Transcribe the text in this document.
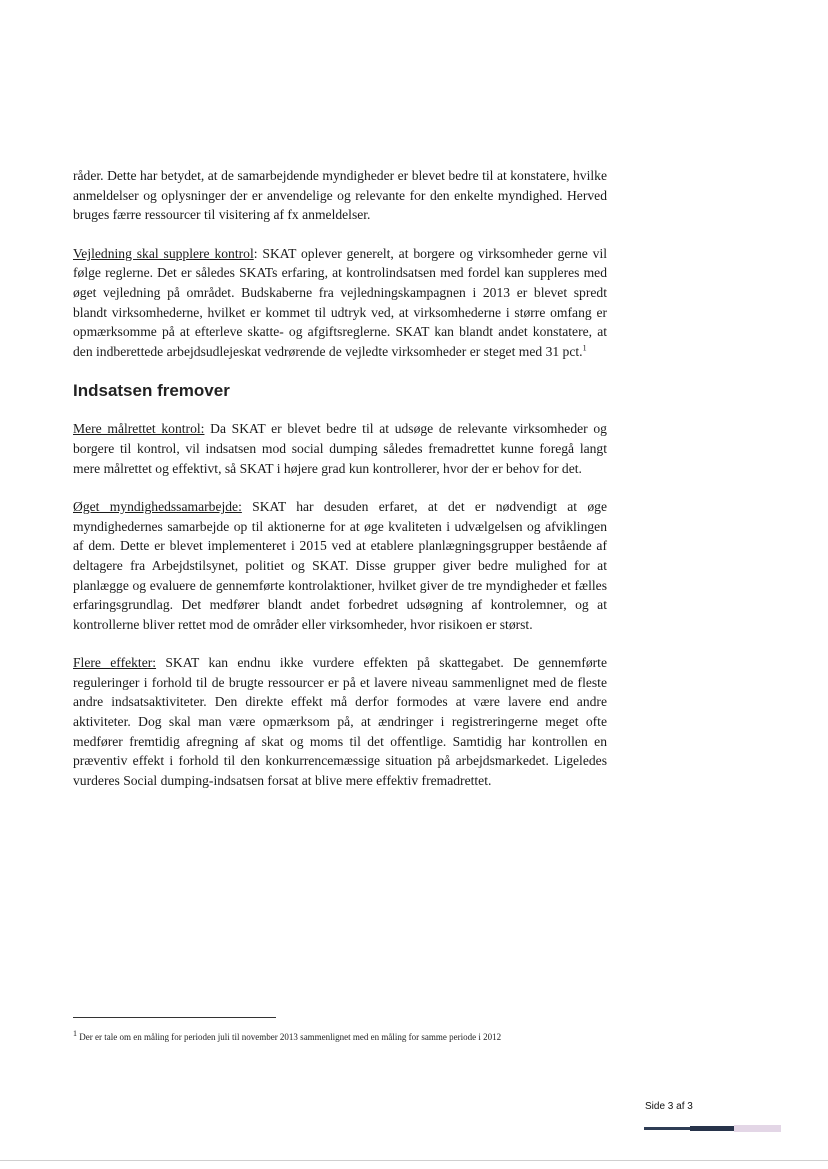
råder. Dette har betydet, at de samarbejdende myndigheder er blevet bedre til at konstatere, hvilke anmeldelser og oplysninger der er anvendelige og relevante for den enkelte myndighed. Herved bruges færre ressourcer til visitering af fx anmeldelser.

Vejledning skal supplere kontrol: SKAT oplever generelt, at borgere og virksomheder gerne vil følge reglerne. Det er således SKATs erfaring, at kontrolindsatsen med fordel kan suppleres med øget vejledning på området. Budskaberne fra vejledningskampagnen i 2013 er blevet spredt blandt virksomhederne, hvilket er kommet til udtryk ved, at virksomhederne i større omfang er opmærksomme på at efterleve skatte- og afgiftsreglerne. SKAT kan blandt andet konstatere, at den indberettede arbejdsudlejeskat vedrørende de vejledte virksomheder er steget med 31 pct.$^1$

Indsatsen fremover

Mere målrettet kontrol: Da SKAT er blevet bedre til at udsøge de relevante virksomheder og borgere til kontrol, vil indsatsen mod social dumping således fremadrettet kunne foregå langt mere målrettet og effektivt, så SKAT i højere grad kun kontrollerer, hvor der er behov for det.

Øget myndighedssamarbejde: SKAT har desuden erfaret, at det er nødvendigt at øge myndighedernes samarbejde op til aktionerne for at øge kvaliteten i udvælgelsen og afviklingen af dem. Dette er blevet implementeret i 2015 ved at etablere planlægningsgrupper bestående af deltagere fra Arbejdstilsynet, politiet og SKAT. Disse grupper giver bedre mulighed for at planlægge og evaluere de gennemførte kontrolaktioner, hvilket giver de tre myndigheder et fælles erfaringsgrundlag. Det medfører blandt andet forbedret udsøgning af kontrolemner, og at kontrollerne bliver rettet mod de områder eller virksomheder, hvor risikoen er størst.

Flere effekter: SKAT kan endnu ikke vurdere effekten på skattegabet. De gennemførte reguleringer i forhold til de brugte ressourcer er på et lavere niveau sammenlignet med de fleste andre indsatsaktiviteter. Den direkte effekt må derfor formodes at være lavere end andre aktiviteter. Dog skal man være opmærksom på, at ændringer i registreringerne meget ofte medfører fremtidig afregning af skat og moms til det offentlige. Samtidig har kontrollen en præventiv effekt i forhold til den konkurrencemæssige situation på arbejdsmarkedet. Ligeledes vurderes Social dumping-indsatsen forsat at blive mere effektiv fremadrettet.

$^1$ Der er tale om en måling for perioden juli til november 2013 sammenlignet med en måling for samme periode i 2012
Side 3 af 3
